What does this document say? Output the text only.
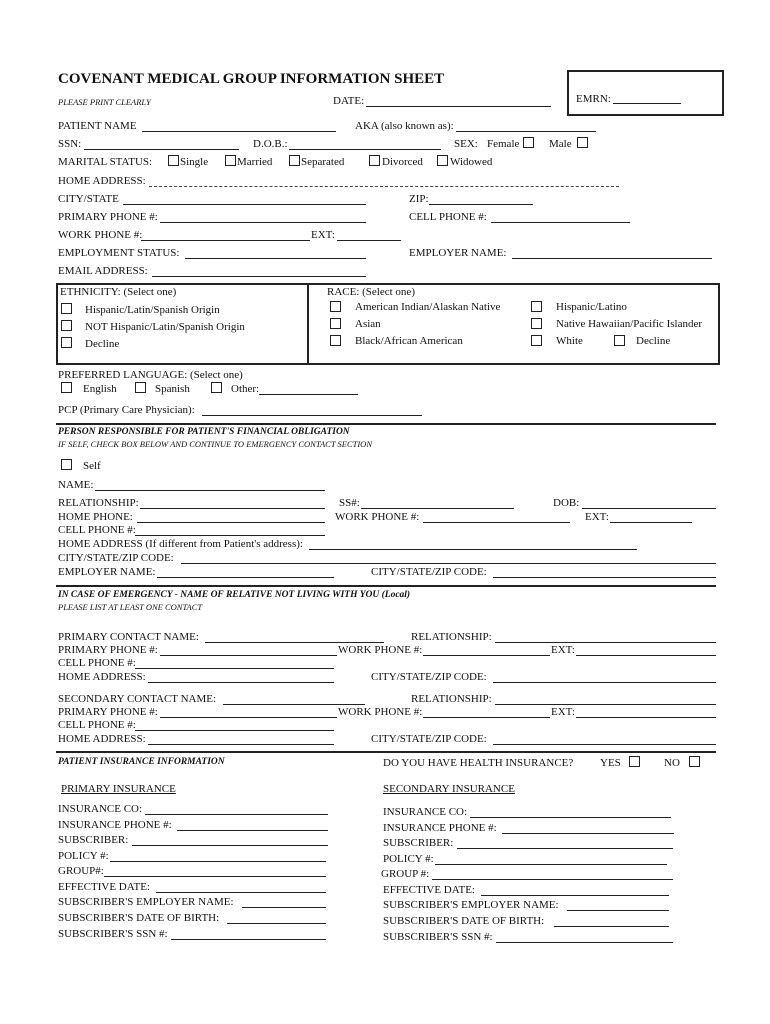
COVENANT MEDICAL GROUP INFORMATION SHEET
PLEASE PRINT CLEARLY	DATE:	EMRN:
PATIENT NAME	AKA (also known as):
SSN:	D.O.B.:	SEX: Female	Male
MARITAL STATUS:	Single	Married	Separated	Divorced Widowed
HOME ADDRESS:
CITY/STATE	ZIP:
PRIMARY PHONE #:	CELL PHONE #:
WORK PHONE #:	EXT:
EMPLOYMENT STATUS:	EMPLOYER NAME:
EMAIL ADDRESS:
ETHNICITY: (Select one)
Hispanic/Latin/Spanish Origin
NOT Hispanic/Latin/Spanish Origin
Decline
RACE: (Select one)
American Indian/Alaskan Native
Asian
Black/African American
Hispanic/Latino
Native Hawaiian/Pacific Islander
White	Decline
PREFERRED LANGUAGE: (Select one)
English	Spanish	Other:
PCP (Primary Care Physician):
PERSON RESPONSIBLE FOR PATIENT'S FINANCIAL OBLIGATION
IF SELF, CHECK BOX BELOW AND CONTINUE TO EMERGENCY CONTACT SECTION
Self
NAME:
RELATIONSHIP:	SS#:	DOB:
HOME PHONE:	WORK PHONE #:	EXT:
CELL PHONE #:
HOME ADDRESS (If different from Patient's address):
CITY/STATE/ZIP CODE:
EMPLOYER NAME:	CITY/STATE/ZIP CODE:
IN CASE OF EMERGENCY - NAME OF RELATIVE NOT LIVING WITH YOU (Local)
PLEASE LIST AT LEAST ONE CONTACT
PRIMARY CONTACT NAME:	RELATIONSHIP:
PRIMARY PHONE #:	WORK PHONE #:	EXT:
CELL PHONE #:
HOME ADDRESS:	CITY/STATE/ZIP CODE:
SECONDARY CONTACT NAME:	RELATIONSHIP:
PRIMARY PHONE #:	WORK PHONE #:	EXT:
CELL PHONE #:
HOME ADDRESS:	CITY/STATE/ZIP CODE:
PATIENT INSURANCE INFORMATION	DO YOU HAVE HEALTH INSURANCE? YES	NO
PRIMARY INSURANCE	SECONDARY INSURANCE
INSURANCE CO:
INSURANCE PHONE #:
SUBSCRIBER:
POLICY #:
GROUP#:
EFFECTIVE DATE:
SUBSCRIBER'S EMPLOYER NAME:
SUBSCRIBER'S DATE OF BIRTH:
SUBSCRIBER'S SSN #:
INSURANCE CO:
INSURANCE PHONE #:
SUBSCRIBER:
POLICY #:
GROUP #:
EFFECTIVE DATE:
SUBSCRIBER'S EMPLOYER NAME:
SUBSCRIBER'S DATE OF BIRTH:
SUBSCRIBER'S SSN #:
